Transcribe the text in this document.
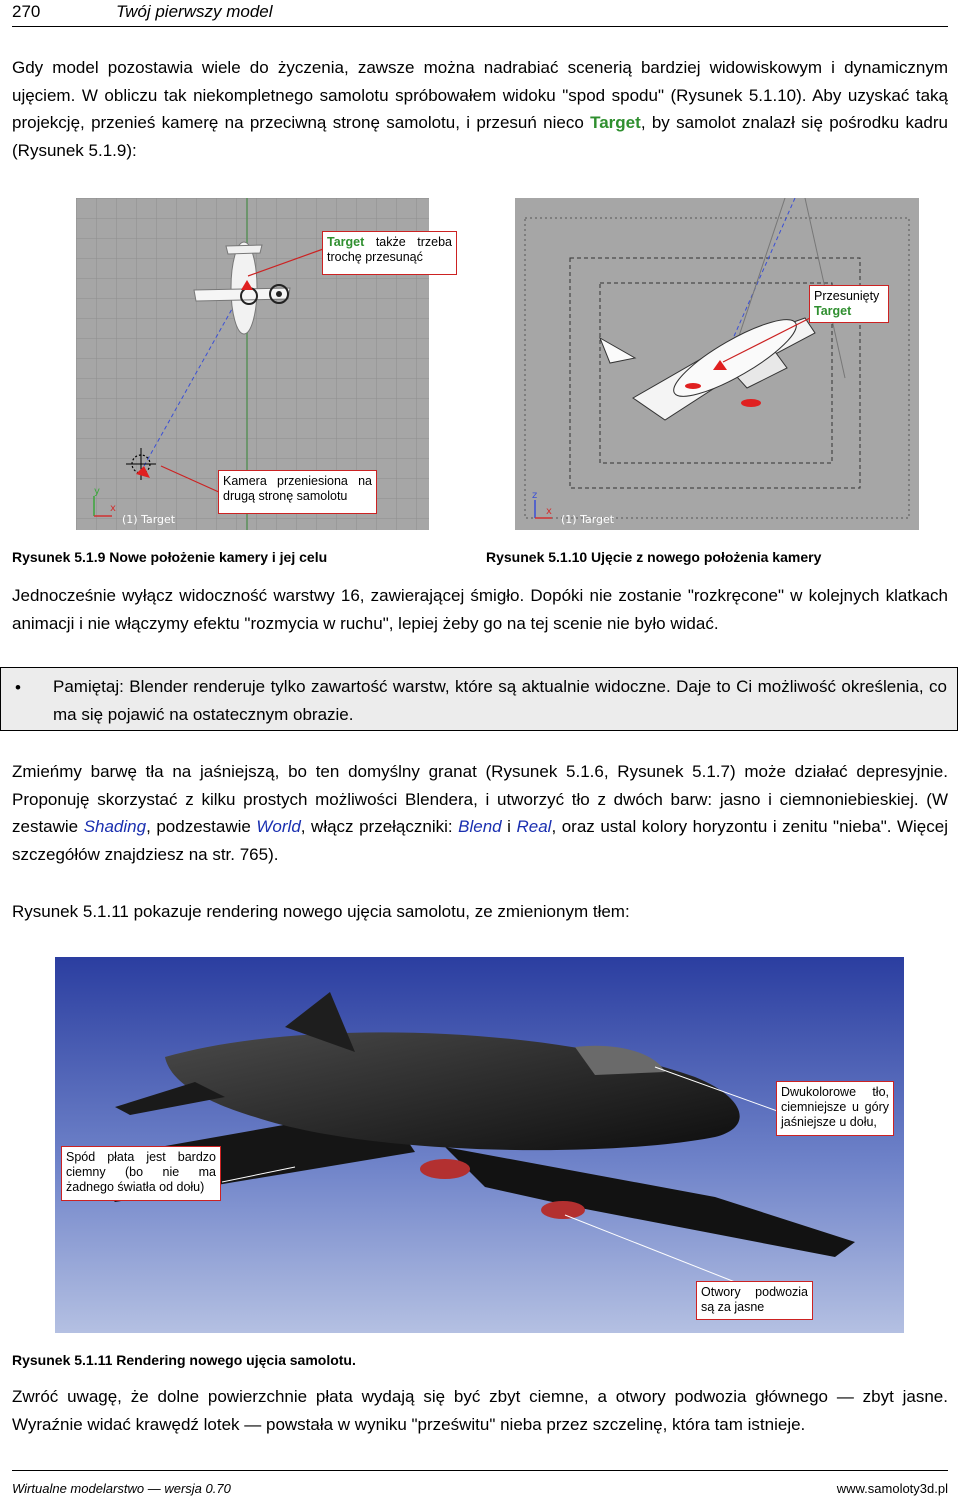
270	Twój pierwszy model

Gdy model pozostawia wiele do życzenia, zawsze można nadrabiać scenerią bardziej widowiskowym i dynamicznym ujęciem. W obliczu tak niekompletnego samolotu spróbowałem widoku "spod spodu" (Rysunek 5.1.10). Aby uzyskać taką projekcję, przenieś kamerę na przeciwną stronę samolotu, i przesuń nieco Target, by samolot znalazł się pośrodku kadru (Rysunek 5.1.9):

y
x
(1) Target
Target także trzeba trochę przesunąć
Kamera przeniesiona na drugą stronę samolotu	z
x
(1) Target
Przesunięty
Target
Rysunek 5.1.9 Nowe położenie kamery i jej celu	Rysunek 5.1.10 Ujęcie z nowego położenia kamery

Jednocześnie wyłącz widoczność warstwy 16, zawierającej śmigło. Dopóki nie zostanie "rozkręcone" w kolejnych klatkach animacji i nie włączymy efektu "rozmycia w ruchu", lepiej żeby go na tej scenie nie było widać.

• Pamiętaj: Blender renderuje tylko zawartość warstw, które są aktualnie widoczne. Daje to Ci możliwość określenia, co ma się pojawić na ostatecznym obrazie.

Zmieńmy barwę tła na jaśniejszą, bo ten domyślny granat (Rysunek 5.1.6, Rysunek 5.1.7) może działać depresyjnie. Proponuję skorzystać z kilku prostych możliwości Blendera, i utworzyć tło z dwóch barw: jasno i ciemnoniebieskiej. (W zestawie Shading, podzestawie World, włącz przełączniki: Blend i Real, oraz ustal kolory horyzontu i zenitu "nieba". Więcej szczegółów znajdziesz na str. 765).

Rysunek 5.1.11 pokazuje rendering nowego ujęcia samolotu, ze zmienionym tłem:

Dwukolorowe tło, ciemniejsze u góry jaśniejsze u dołu,
Spód płata jest bardzo ciemny (bo nie ma żadnego światła od dołu)
Otwory podwozia są za jasne
Rysunek 5.1.11 Rendering nowego ujęcia samolotu.

Zwróć uwagę, że dolne powierzchnie płata wydają się być zbyt ciemne, a otwory podwozia głównego — zbyt jasne. Wyraźnie widać krawędź lotek — powstała w wyniku "prześwitu" nieba przez szczelinę, która tam istnieje.

Wirtualne modelarstwo — wersja 0.70	www.samoloty3d.pl
